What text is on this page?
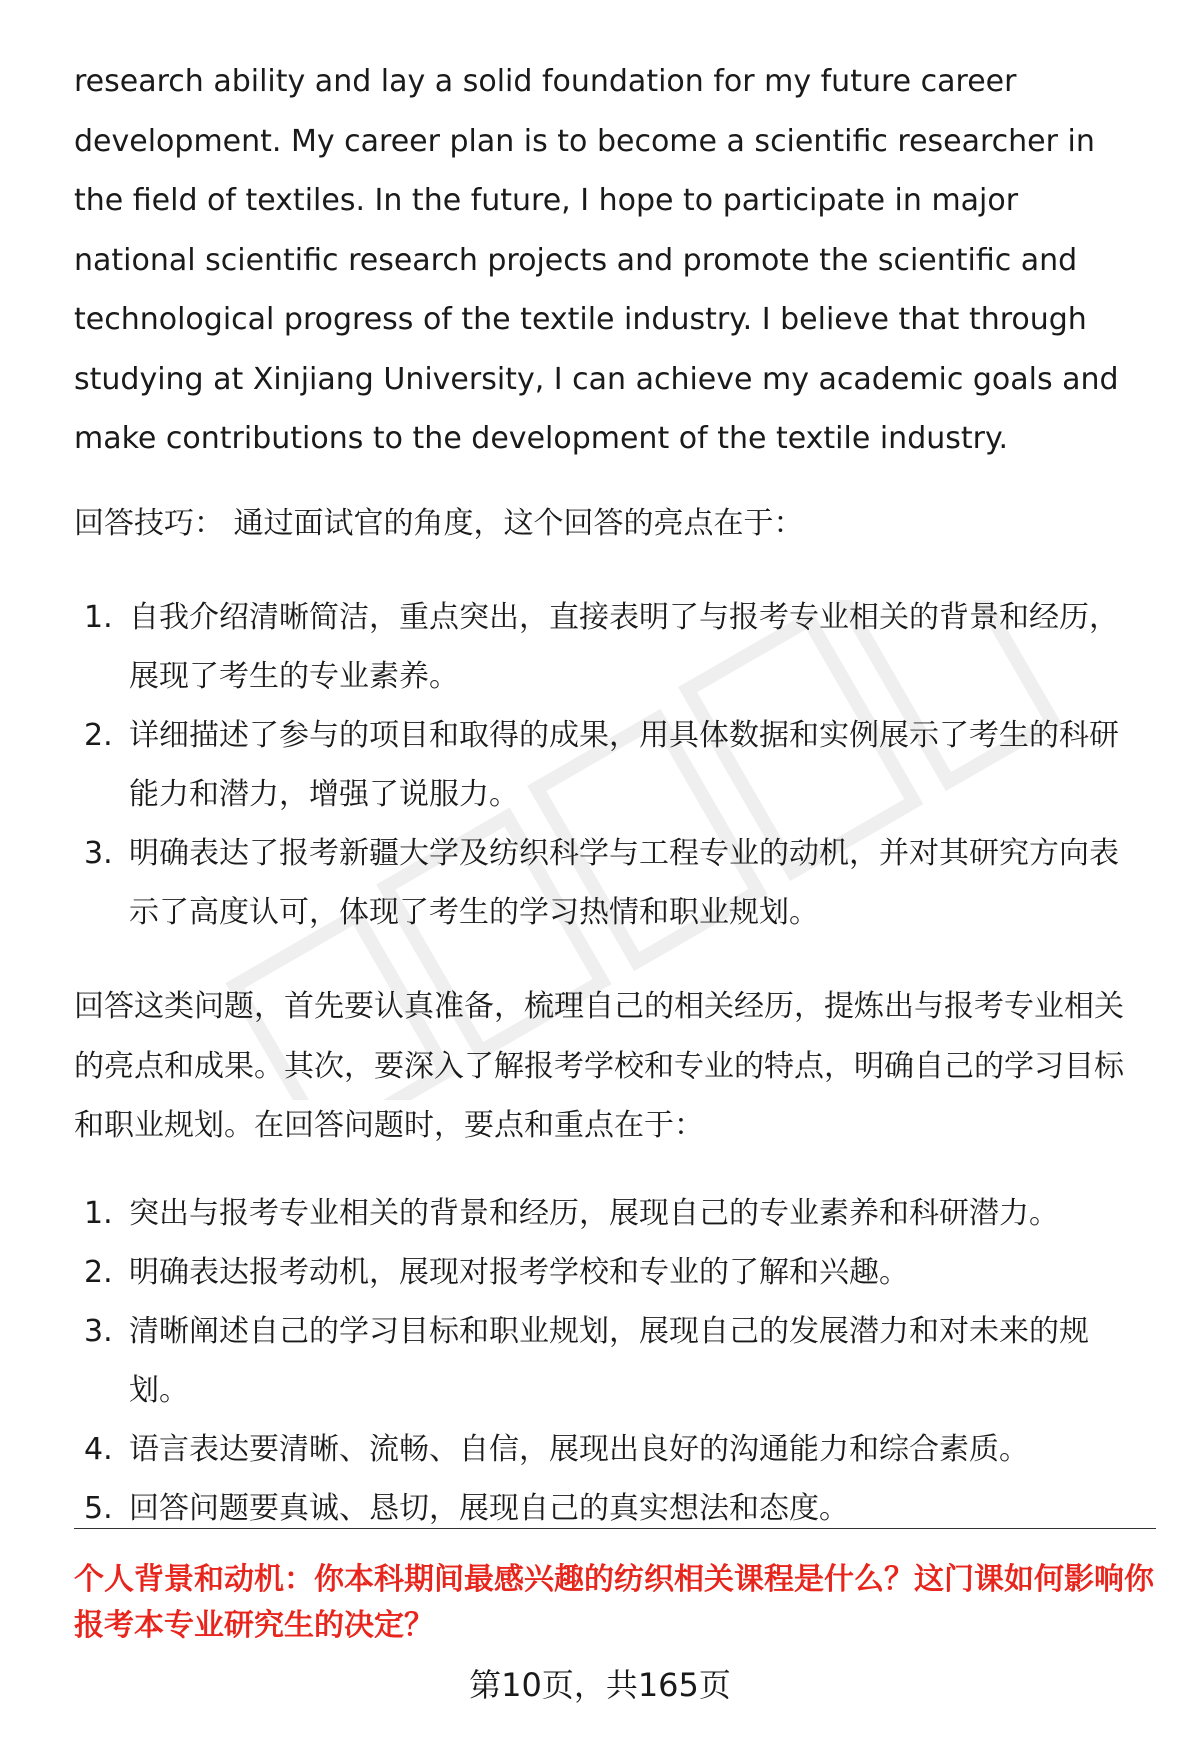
research ability and lay a solid foundation for my future career development. My career plan is to become a scientific researcher in the field of textiles. In the future, I hope to participate in major national scientific research projects and promote the scientific and technological progress of the textile industry. I believe that through studying at Xinjiang University, I can achieve my academic goals and make contributions to the development of the textile industry.

回答技巧： 通过面试官的角度，这个回答的亮点在于：

1. 自我介绍清晰简洁，重点突出，直接表明了与报考专业相关的背景和经历，展现了考生的专业素养。
2. 详细描述了参与的项目和取得的成果，用具体数据和实例展示了考生的科研能力和潜力，增强了说服力。
3. 明确表达了报考新疆大学及纺织科学与工程专业的动机，并对其研究方向表示了高度认可，体现了考生的学习热情和职业规划。

回答这类问题，首先要认真准备，梳理自己的相关经历，提炼出与报考专业相关的亮点和成果。其次，要深入了解报考学校和专业的特点，明确自己的学习目标和职业规划。在回答问题时，要点和重点在于：

1. 突出与报考专业相关的背景和经历，展现自己的专业素养和科研潜力。
2. 明确表达报考动机，展现对报考学校和专业的了解和兴趣。
3. 清晰阐述自己的学习目标和职业规划，展现自己的发展潜力和对未来的规划。
4. 语言表达要清晰、流畅、自信，展现出良好的沟通能力和综合素质。
5. 回答问题要真诚、恳切，展现自己的真实想法和态度。

个人背景和动机：你本科期间最感兴趣的纺织相关课程是什么？这门课如何影响你报考本专业研究生的决定？

第10页，共165页
